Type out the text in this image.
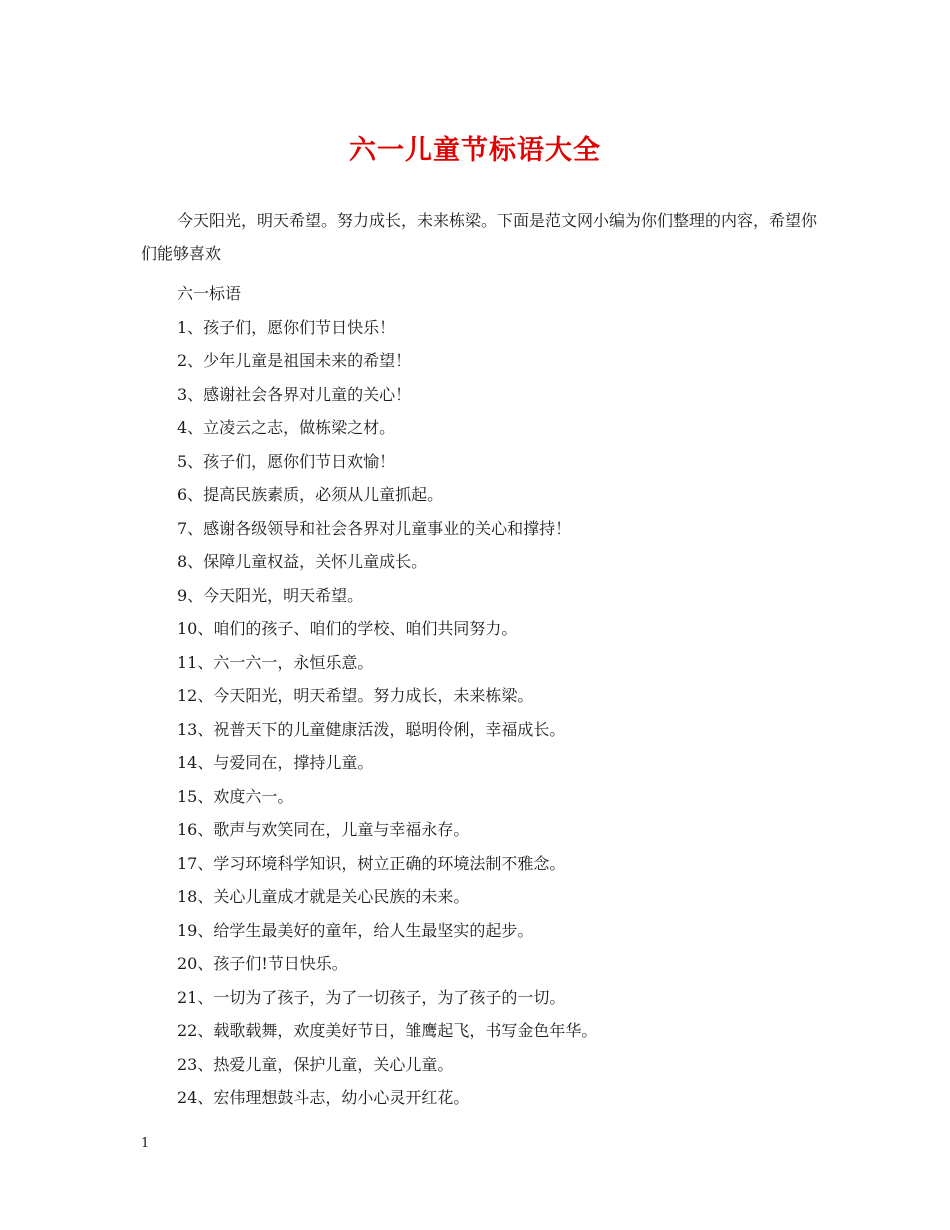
六一儿童节标语大全
今天阳光，明天希望。努力成长，未来栋梁。下面是范文网小编为你们整理的内容，希望你们能够喜欢
六一标语
1、孩子们，愿你们节日快乐！
2、少年儿童是祖国未来的希望！
3、感谢社会各界对儿童的关心！
4、立凌云之志，做栋梁之材。
5、孩子们，愿你们节日欢愉！
6、提高民族素质，必须从儿童抓起。
7、感谢各级领导和社会各界对儿童事业的关心和撑持！
8、保障儿童权益，关怀儿童成长。
9、今天阳光，明天希望。
10、咱们的孩子、咱们的学校、咱们共同努力。
11、六一六一，永恒乐意。
12、今天阳光，明天希望。努力成长，未来栋梁。
13、祝普天下的儿童健康活泼，聪明伶俐，幸福成长。
14、与爱同在，撑持儿童。
15、欢度六一。
16、歌声与欢笑同在，儿童与幸福永存。
17、学习环境科学知识，树立正确的环境法制不雅念。
18、关心儿童成才就是关心民族的未来。
19、给学生最美好的童年，给人生最坚实的起步。
20、孩子们!节日快乐。
21、一切为了孩子，为了一切孩子，为了孩子的一切。
22、载歌载舞，欢度美好节日，雏鹰起飞，书写金色年华。
23、热爱儿童，保护儿童，关心儿童。
24、宏伟理想鼓斗志，幼小心灵开红花。
1
